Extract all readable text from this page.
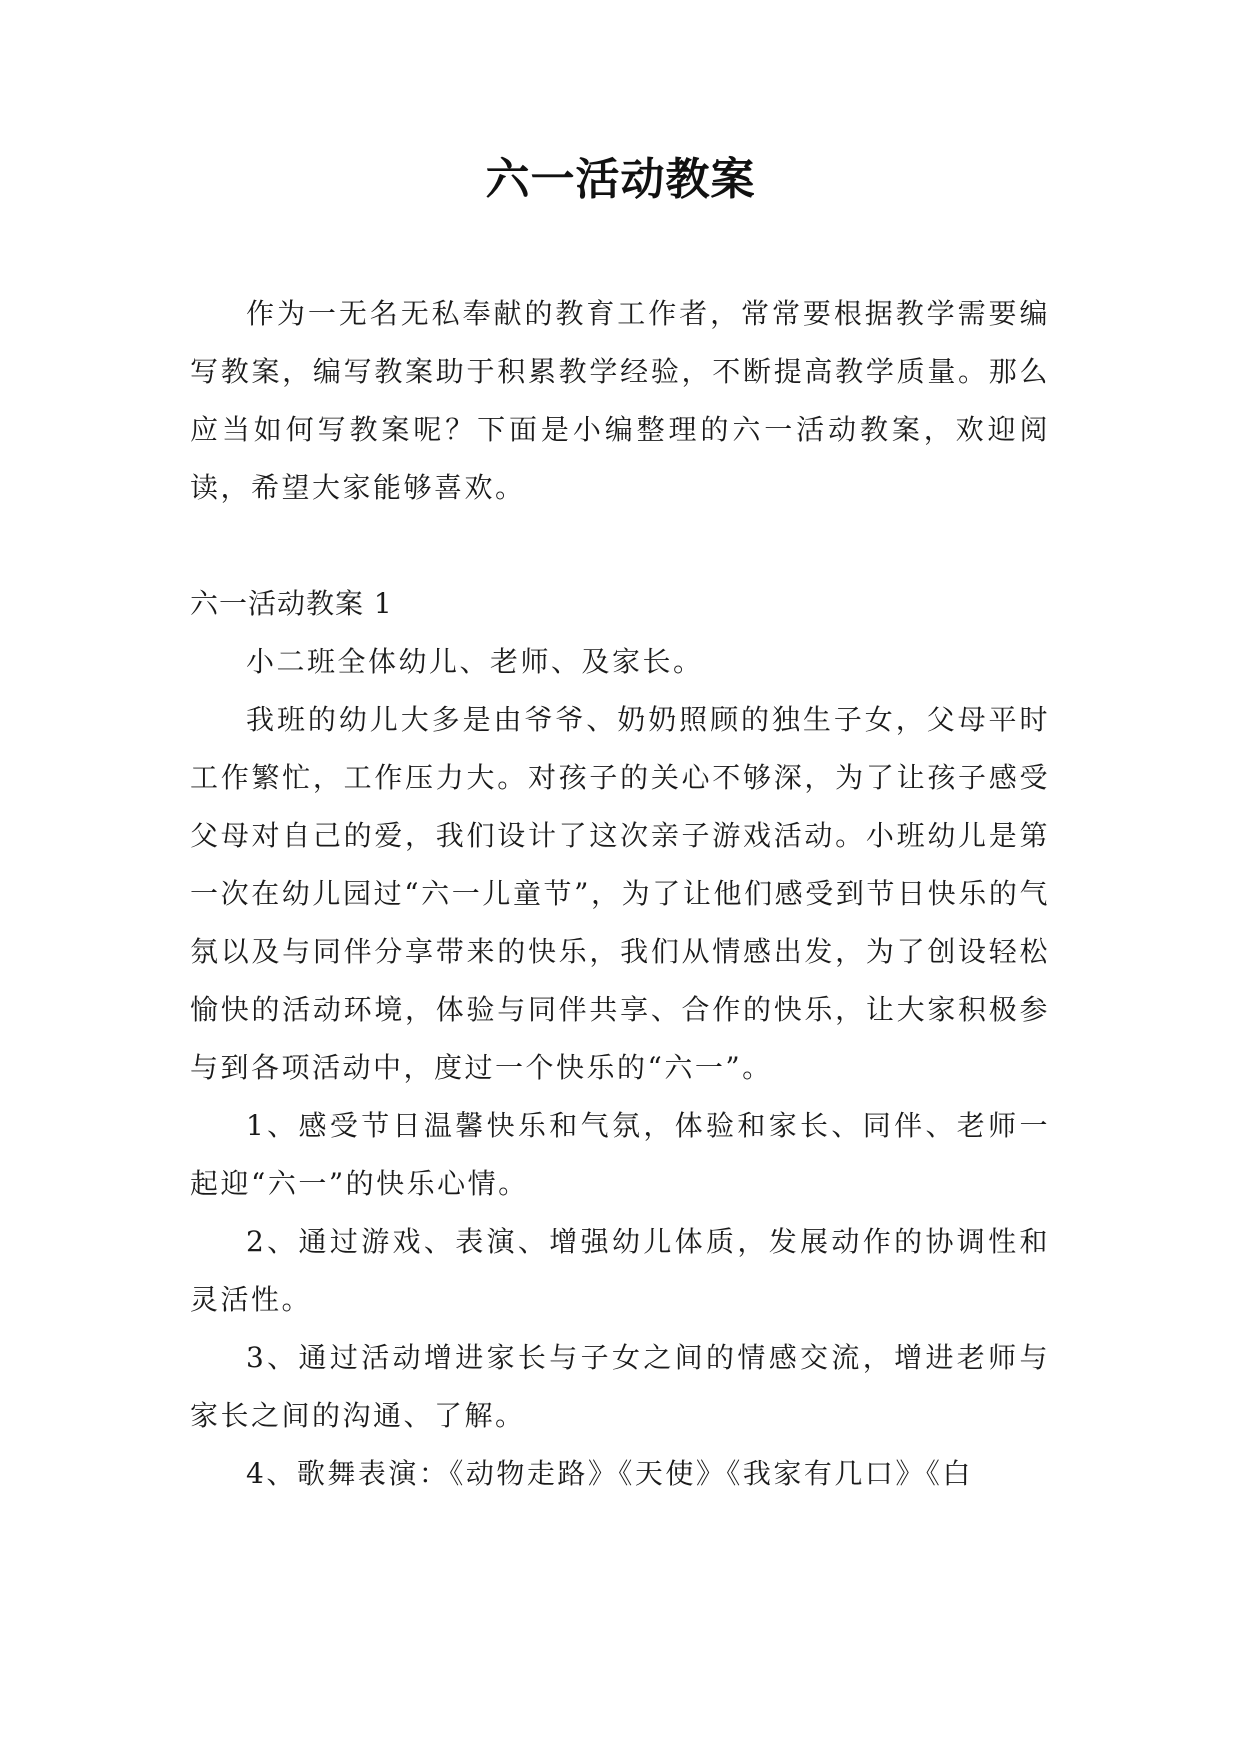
六一活动教案

作为一无名无私奉献的教育工作者，常常要根据教学需要编写教案，编写教案助于积累教学经验，不断提高教学质量。那么应当如何写教案呢？下面是小编整理的六一活动教案，欢迎阅读，希望大家能够喜欢。

六一活动教案 1

小二班全体幼儿、老师、及家长。

我班的幼儿大多是由爷爷、奶奶照顾的独生子女，父母平时工作繁忙，工作压力大。对孩子的关心不够深，为了让孩子感受父母对自己的爱，我们设计了这次亲子游戏活动。小班幼儿是第一次在幼儿园过“六一儿童节”，为了让他们感受到节日快乐的气氛以及与同伴分享带来的快乐，我们从情感出发，为了创设轻松愉快的活动环境，体验与同伴共享、合作的快乐，让大家积极参与到各项活动中，度过一个快乐的“六一”。

1、感受节日温馨快乐和气氛，体验和家长、同伴、老师一起迎“六一”的快乐心情。

2、通过游戏、表演、增强幼儿体质，发展动作的协调性和灵活性。

3、通过活动增进家长与子女之间的情感交流，增进老师与家长之间的沟通、了解。

4、歌舞表演：《动物走路》《天使》《我家有几口》《白
